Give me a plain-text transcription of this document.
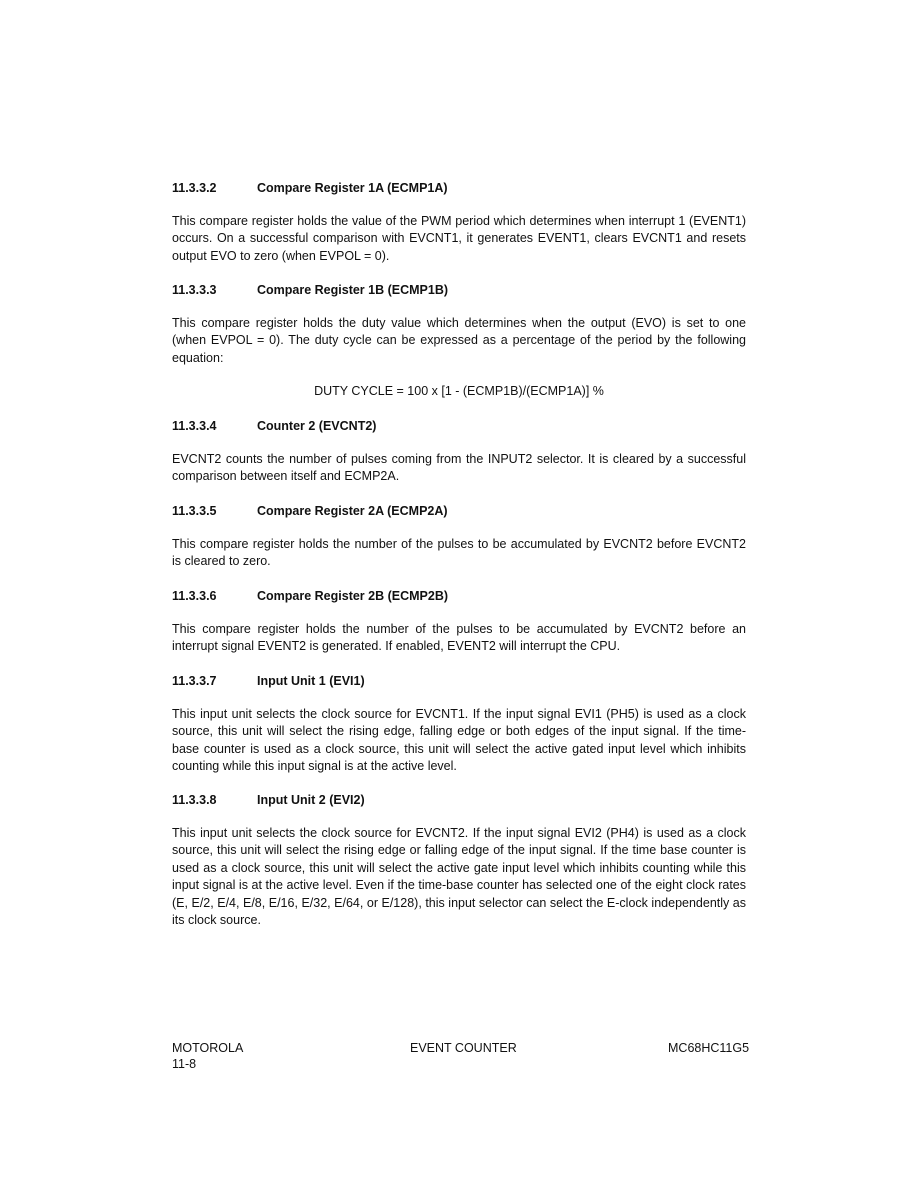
11.3.3.2	Compare Register 1A (ECMP1A)

This compare register holds the value of the PWM period which determines when interrupt 1 (EVENT1) occurs. On a successful comparison with EVCNT1, it generates EVENT1, clears EVCNT1 and resets output EVO to zero (when EVPOL = 0).

11.3.3.3	Compare Register 1B (ECMP1B)

This compare register holds the duty value which determines when the output (EVO) is set to one (when EVPOL = 0). The duty cycle can be expressed as a percentage of the period by the following equation:

DUTY CYCLE = 100 x [1 - (ECMP1B)/(ECMP1A)] %

11.3.3.4	Counter 2 (EVCNT2)

EVCNT2 counts the number of pulses coming from the INPUT2 selector. It is cleared by a successful comparison between itself and ECMP2A.

11.3.3.5	Compare Register 2A (ECMP2A)

This compare register holds the number of the pulses to be accumulated by EVCNT2 before EVCNT2 is cleared to zero.

11.3.3.6	Compare Register 2B (ECMP2B)

This compare register holds the number of the pulses to be accumulated by EVCNT2 before an interrupt signal EVENT2 is generated. If enabled, EVENT2 will interrupt the CPU.

11.3.3.7	Input Unit 1 (EVI1)

This input unit selects the clock source for EVCNT1. If the input signal EVI1 (PH5) is used as a clock source, this unit will select the rising edge, falling edge or both edges of the input signal. If the time-base counter is used as a clock source, this unit will select the active gated input level which inhibits counting while this input signal is at the active level.

11.3.3.8	Input Unit 2 (EVI2)

This input unit selects the clock source for EVCNT2. If the input signal EVI2 (PH4) is used as a clock source, this unit will select the rising edge or falling edge of the input signal. If the time base counter is used as a clock source, this unit will select the active gate input level which inhibits counting while this input signal is at the active level. Even if the time-base counter has selected one of the eight clock rates (E, E/2, E/4, E/8, E/16, E/32, E/64, or E/128), this input selector can select the E-clock independently as its clock source.

MOTOROLA
11-8
EVENT COUNTER	MC68HC11G5
